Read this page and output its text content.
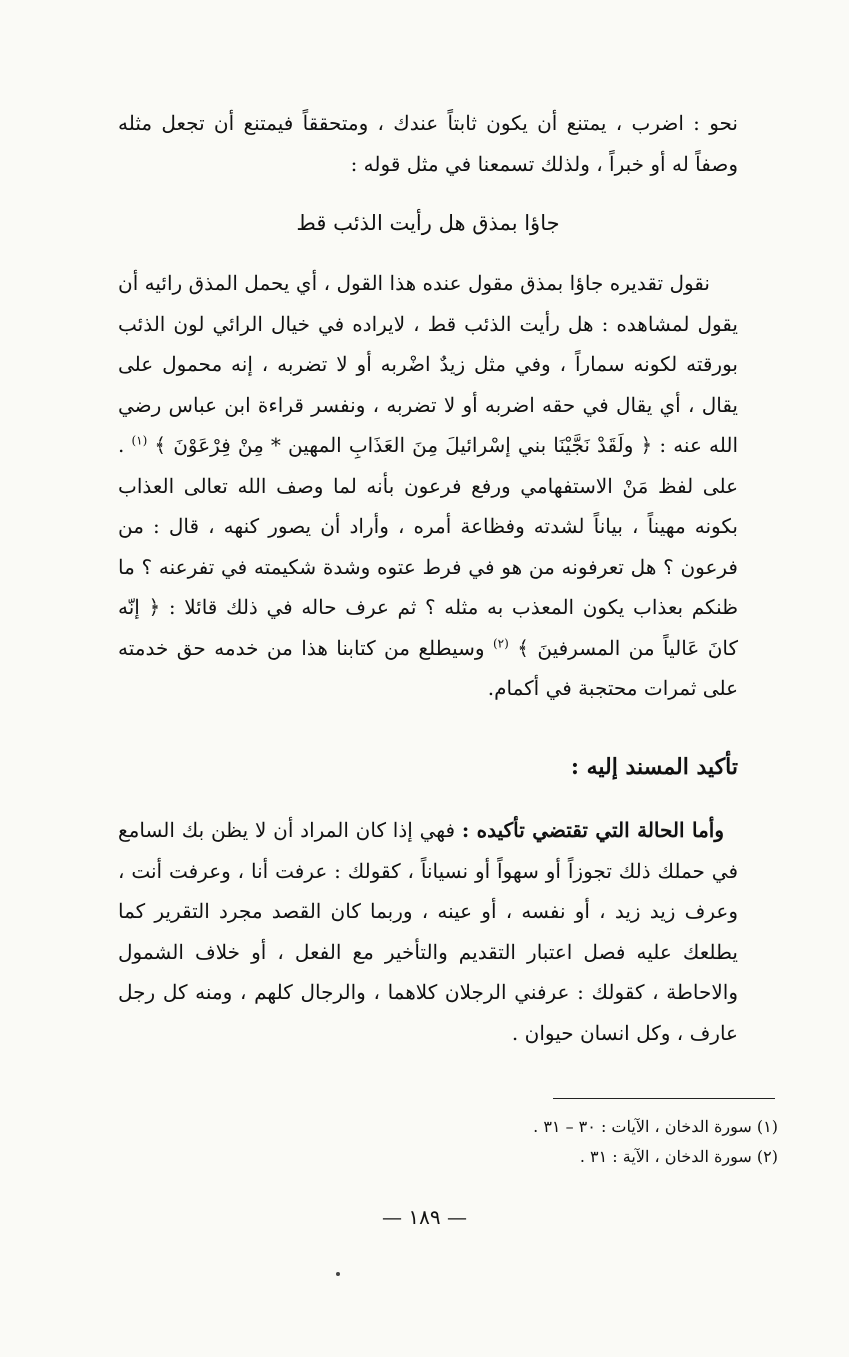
نحو : اضرب ، يمتنع أن يكون ثابتاً عندك ، ومتحققاً فيمتنع أن تجعل مثله وصفاً له أو خبراً ، ولذلك تسمعنا في مثل قوله :
جاؤا بمذق هل رأيت الذئب قط
نقول تقديره جاؤا بمذق مقول عنده هذا القول ، أي يحمل المذق رائيه أن يقول لمشاهده : هل رأيت الذئب قط ، لايراده في خيال الرائي لون الذئب بورقته لكونه سماراً ، وفي مثل زيدٌ اضْربه أو لا تضربه ، إنه محمول على يقال ، أي يقال في حقه اضربه أو لا تضربه ، ونفسر قراءة ابن عباس رضي الله عنه : ﴿ ولَقَدْ نَجَّيْنَا بني إسْرائيلَ مِنَ العَذَابِ المهين * مِنْ فِرْعَوْنَ ﴾ $^{(١)}$ . على لفظ مَنْ الاستفهامي ورفع فرعون بأنه لما وصف الله تعالى العذاب بكونه مهيناً ، بياناً لشدته وفظاعة أمره ، وأراد أن يصور كنهه ، قال : من فرعون ؟ هل تعرفونه من هو في فرط عتوه وشدة شكيمته في تفرعنه ؟ ما ظنكم بعذاب يكون المعذب به مثله ؟ ثم عرف حاله في ذلك قائلا : ﴿ إنّه كانَ عَالياً من المسرفينَ ﴾ $^{(٢)}$ وسيطلع من كتابنا هذا من خدمه حق خدمته على ثمرات محتجبة في أكمام.
تأكيد المسند إليه :
وأما الحالة التي تقتضي تأكيده : فهي إذا كان المراد أن لا يظن بك السامع في حملك ذلك تجوزاً أو سهواً أو نسياناً ، كقولك : عرفت أنا ، وعرفت أنت ، وعرف زيد زيد ، أو نفسه ، أو عينه ، وربما كان القصد مجرد التقرير كما يطلعك عليه فصل اعتبار التقديم والتأخير مع الفعل ، أو خلاف الشمول والاحاطة ، كقولك : عرفني الرجلان كلاهما ، والرجال كلهم ، ومنه كل رجل عارف ، وكل انسان حيوان .
(١) سورة الدخان ، الآيات : ٣٠ – ٣١ .
(٢) سورة الدخان ، الآية : ٣١ .
— ١٨٩ —
